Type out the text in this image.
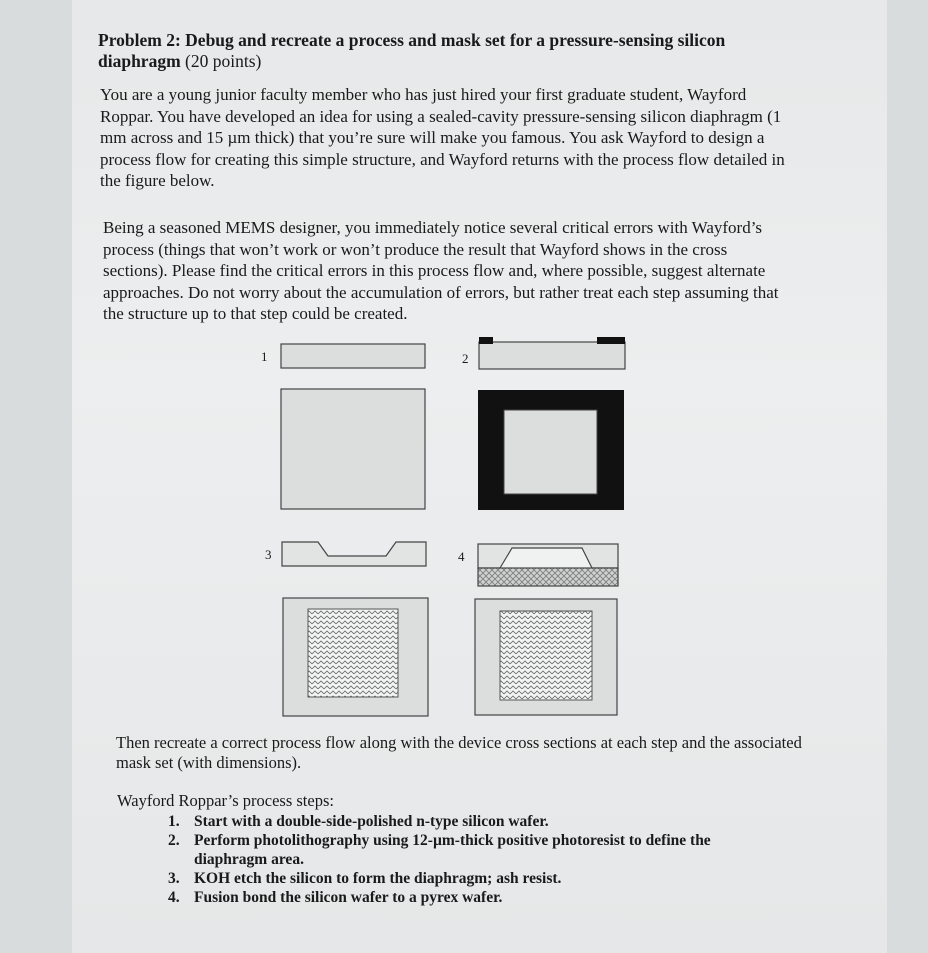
Problem 2: Debug and recreate a process and mask set for a pressure-sensing silicon diaphragm (20 points)
You are a young junior faculty member who has just hired your first graduate student, Wayford Roppar. You have developed an idea for using a sealed-cavity pressure-sensing silicon diaphragm (1 mm across and 15 µm thick) that you’re sure will make you famous. You ask Wayford to design a process flow for creating this simple structure, and Wayford returns with the process flow detailed in the figure below.
Being a seasoned MEMS designer, you immediately notice several critical errors with Wayford’s process (things that won’t work or won’t produce the result that Wayford shows in the cross sections). Please find the critical errors in this process flow and, where possible, suggest alternate approaches. Do not worry about the accumulation of errors, but rather treat each step assuming that the structure up to that step could be created.
1	2
3	4
Then recreate a correct process flow along with the device cross sections at each step and the associated mask set (with dimensions).
Wayford Roppar’s process steps:
1. Start with a double-side-polished n-type silicon wafer.
2. Perform photolithography using 12-µm-thick positive photoresist to define the diaphragm area.
3. KOH etch the silicon to form the diaphragm; ash resist.
4. Fusion bond the silicon wafer to a pyrex wafer.
